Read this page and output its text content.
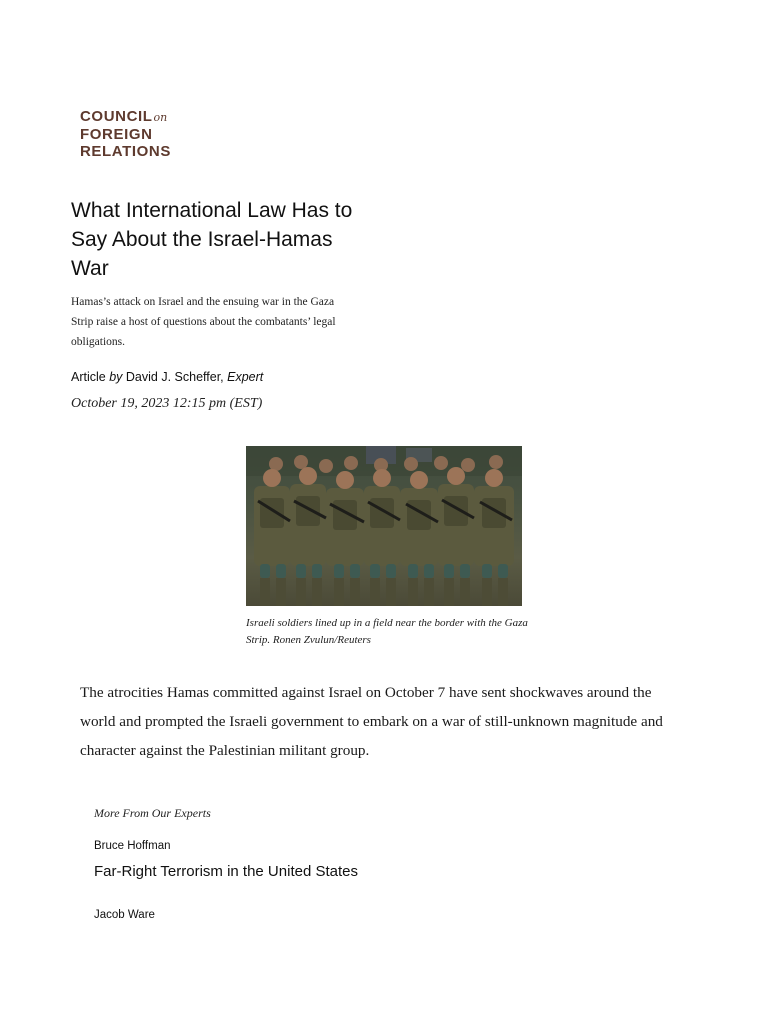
COUNCILon
FOREIGN
RELATIONS
What International Law Has to Say About the Israel-Hamas War

Hamas’s attack on Israel and the ensuing war in the Gaza Strip raise a host of questions about the combatants’ legal obligations.

Article by David J. Scheffer, Expert
October 19, 2023 12:15 pm (EST)

Israeli soldiers lined up in a field near the border with the Gaza Strip. Ronen Zvulun/Reuters

The atrocities Hamas committed against Israel on October 7 have sent shockwaves around the world and prompted the Israeli government to embark on a war of still-unknown magnitude and character against the Palestinian militant group.

More From Our Experts

Bruce Hoffman

Far-Right Terrorism in the United States

Jacob Ware
